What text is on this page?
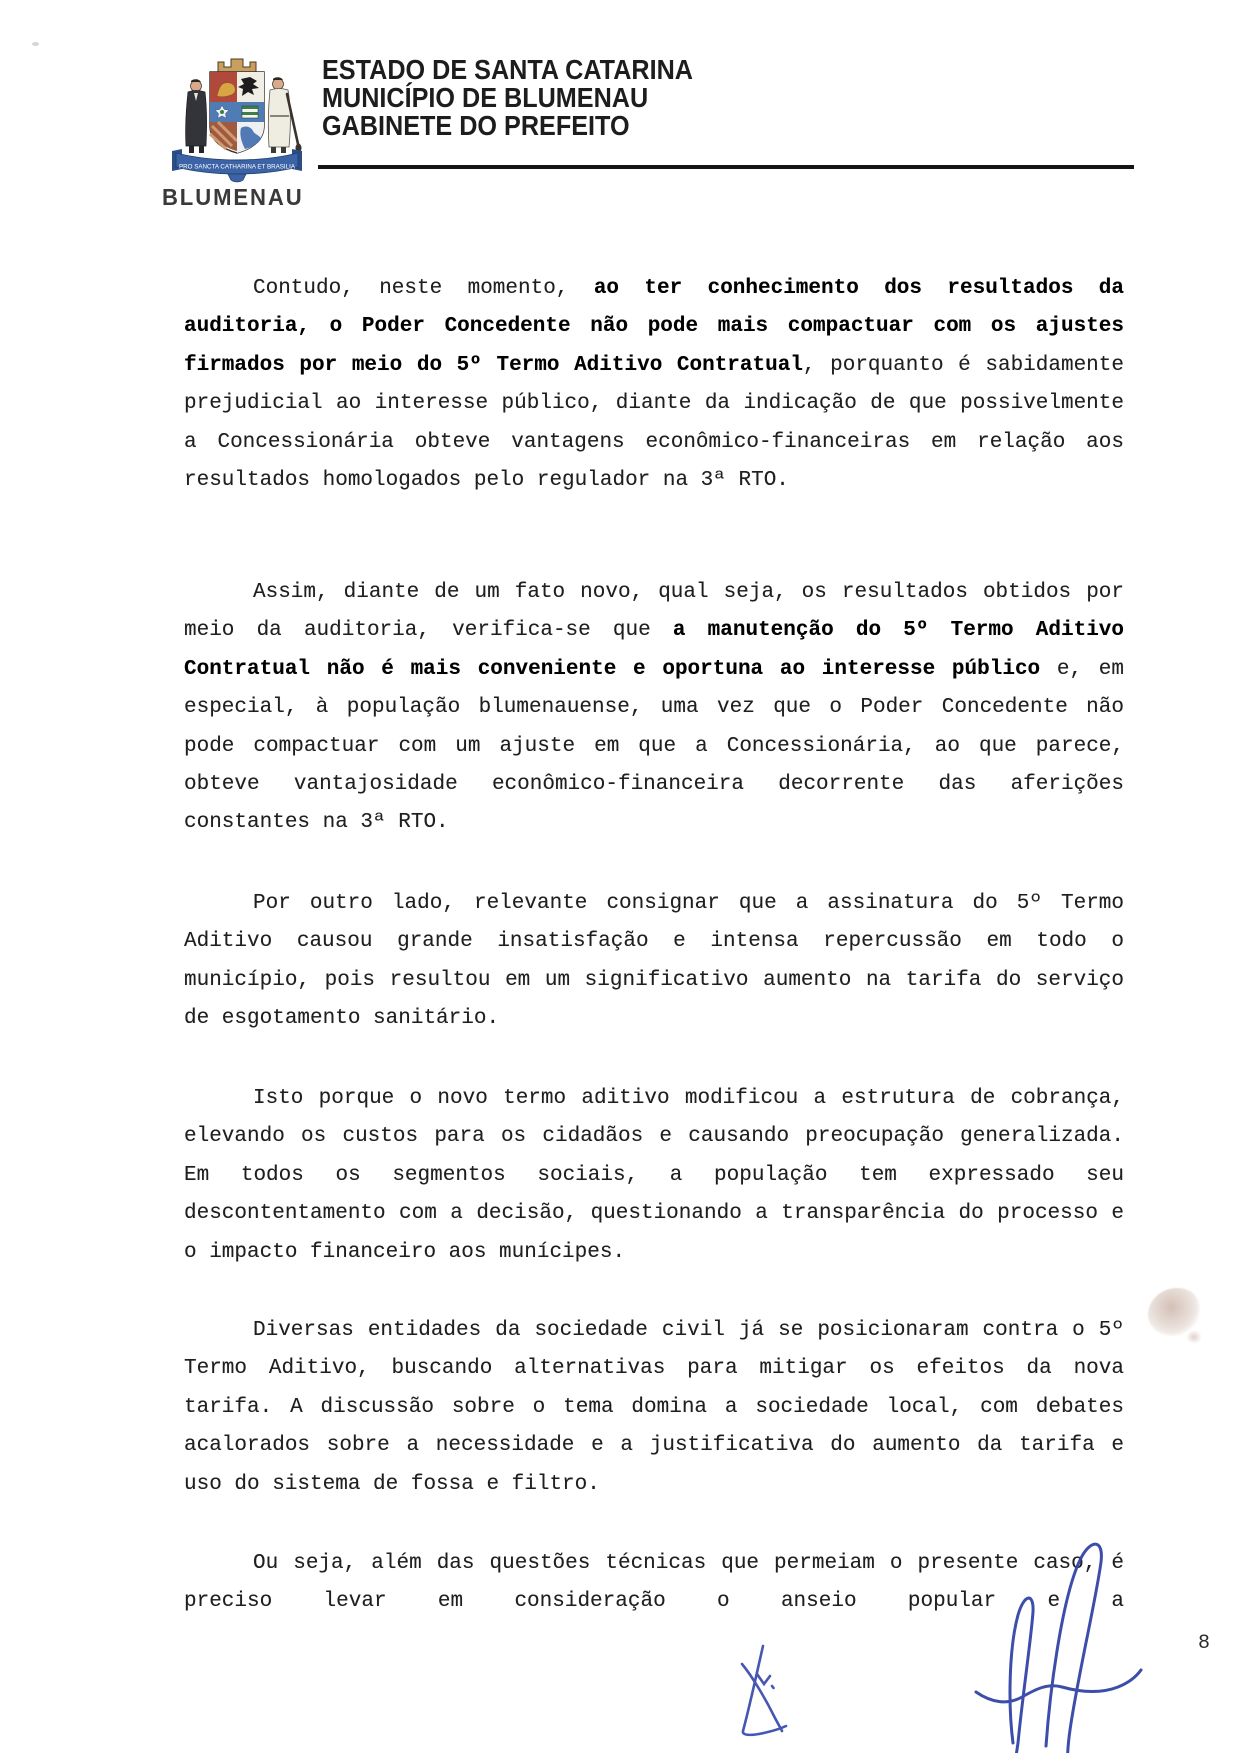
PRO SANCTA CATHARINA ET BRASILIA
BLUMENAU
ESTADO DE SANTA CATARINA
MUNICÍPIO DE BLUMENAU
GABINETE DO PREFEITO

Contudo, neste momento, ao ter conhecimento dos resultados da auditoria, o Poder Concedente não pode mais compactuar com os ajustes firmados por meio do 5º Termo Aditivo Contratual, porquanto é sabidamente prejudicial ao interesse público, diante da indicação de que possivelmente a Concessionária obteve vantagens econômico-financeiras em relação aos resultados homologados pelo regulador na 3ª RTO.

Assim, diante de um fato novo, qual seja, os resultados obtidos por meio da auditoria, verifica-se que a manutenção do 5º Termo Aditivo Contratual não é mais conveniente e oportuna ao interesse público e, em especial, à população blumenauense, uma vez que o Poder Concedente não pode compactuar com um ajuste em que a Concessionária, ao que parece, obteve vantajosidade econômico-financeira decorrente das aferições constantes na 3ª RTO.

Por outro lado, relevante consignar que a assinatura do 5º Termo Aditivo causou grande insatisfação e intensa repercussão em todo o município, pois resultou em um significativo aumento na tarifa do serviço de esgotamento sanitário.

Isto porque o novo termo aditivo modificou a estrutura de cobrança, elevando os custos para os cidadãos e causando preocupação generalizada. Em todos os segmentos sociais, a população tem expressado seu descontentamento com a decisão, questionando a transparência do processo e o impacto financeiro aos munícipes.

Diversas entidades da sociedade civil já se posicionaram contra o 5º Termo Aditivo, buscando alternativas para mitigar os efeitos da nova tarifa. A discussão sobre o tema domina a sociedade local, com debates acalorados sobre a necessidade e a justificativa do aumento da tarifa e uso do sistema de fossa e filtro.

Ou seja, além das questões técnicas que permeiam o presente caso, é preciso levar em consideração o anseio popular e a

8
